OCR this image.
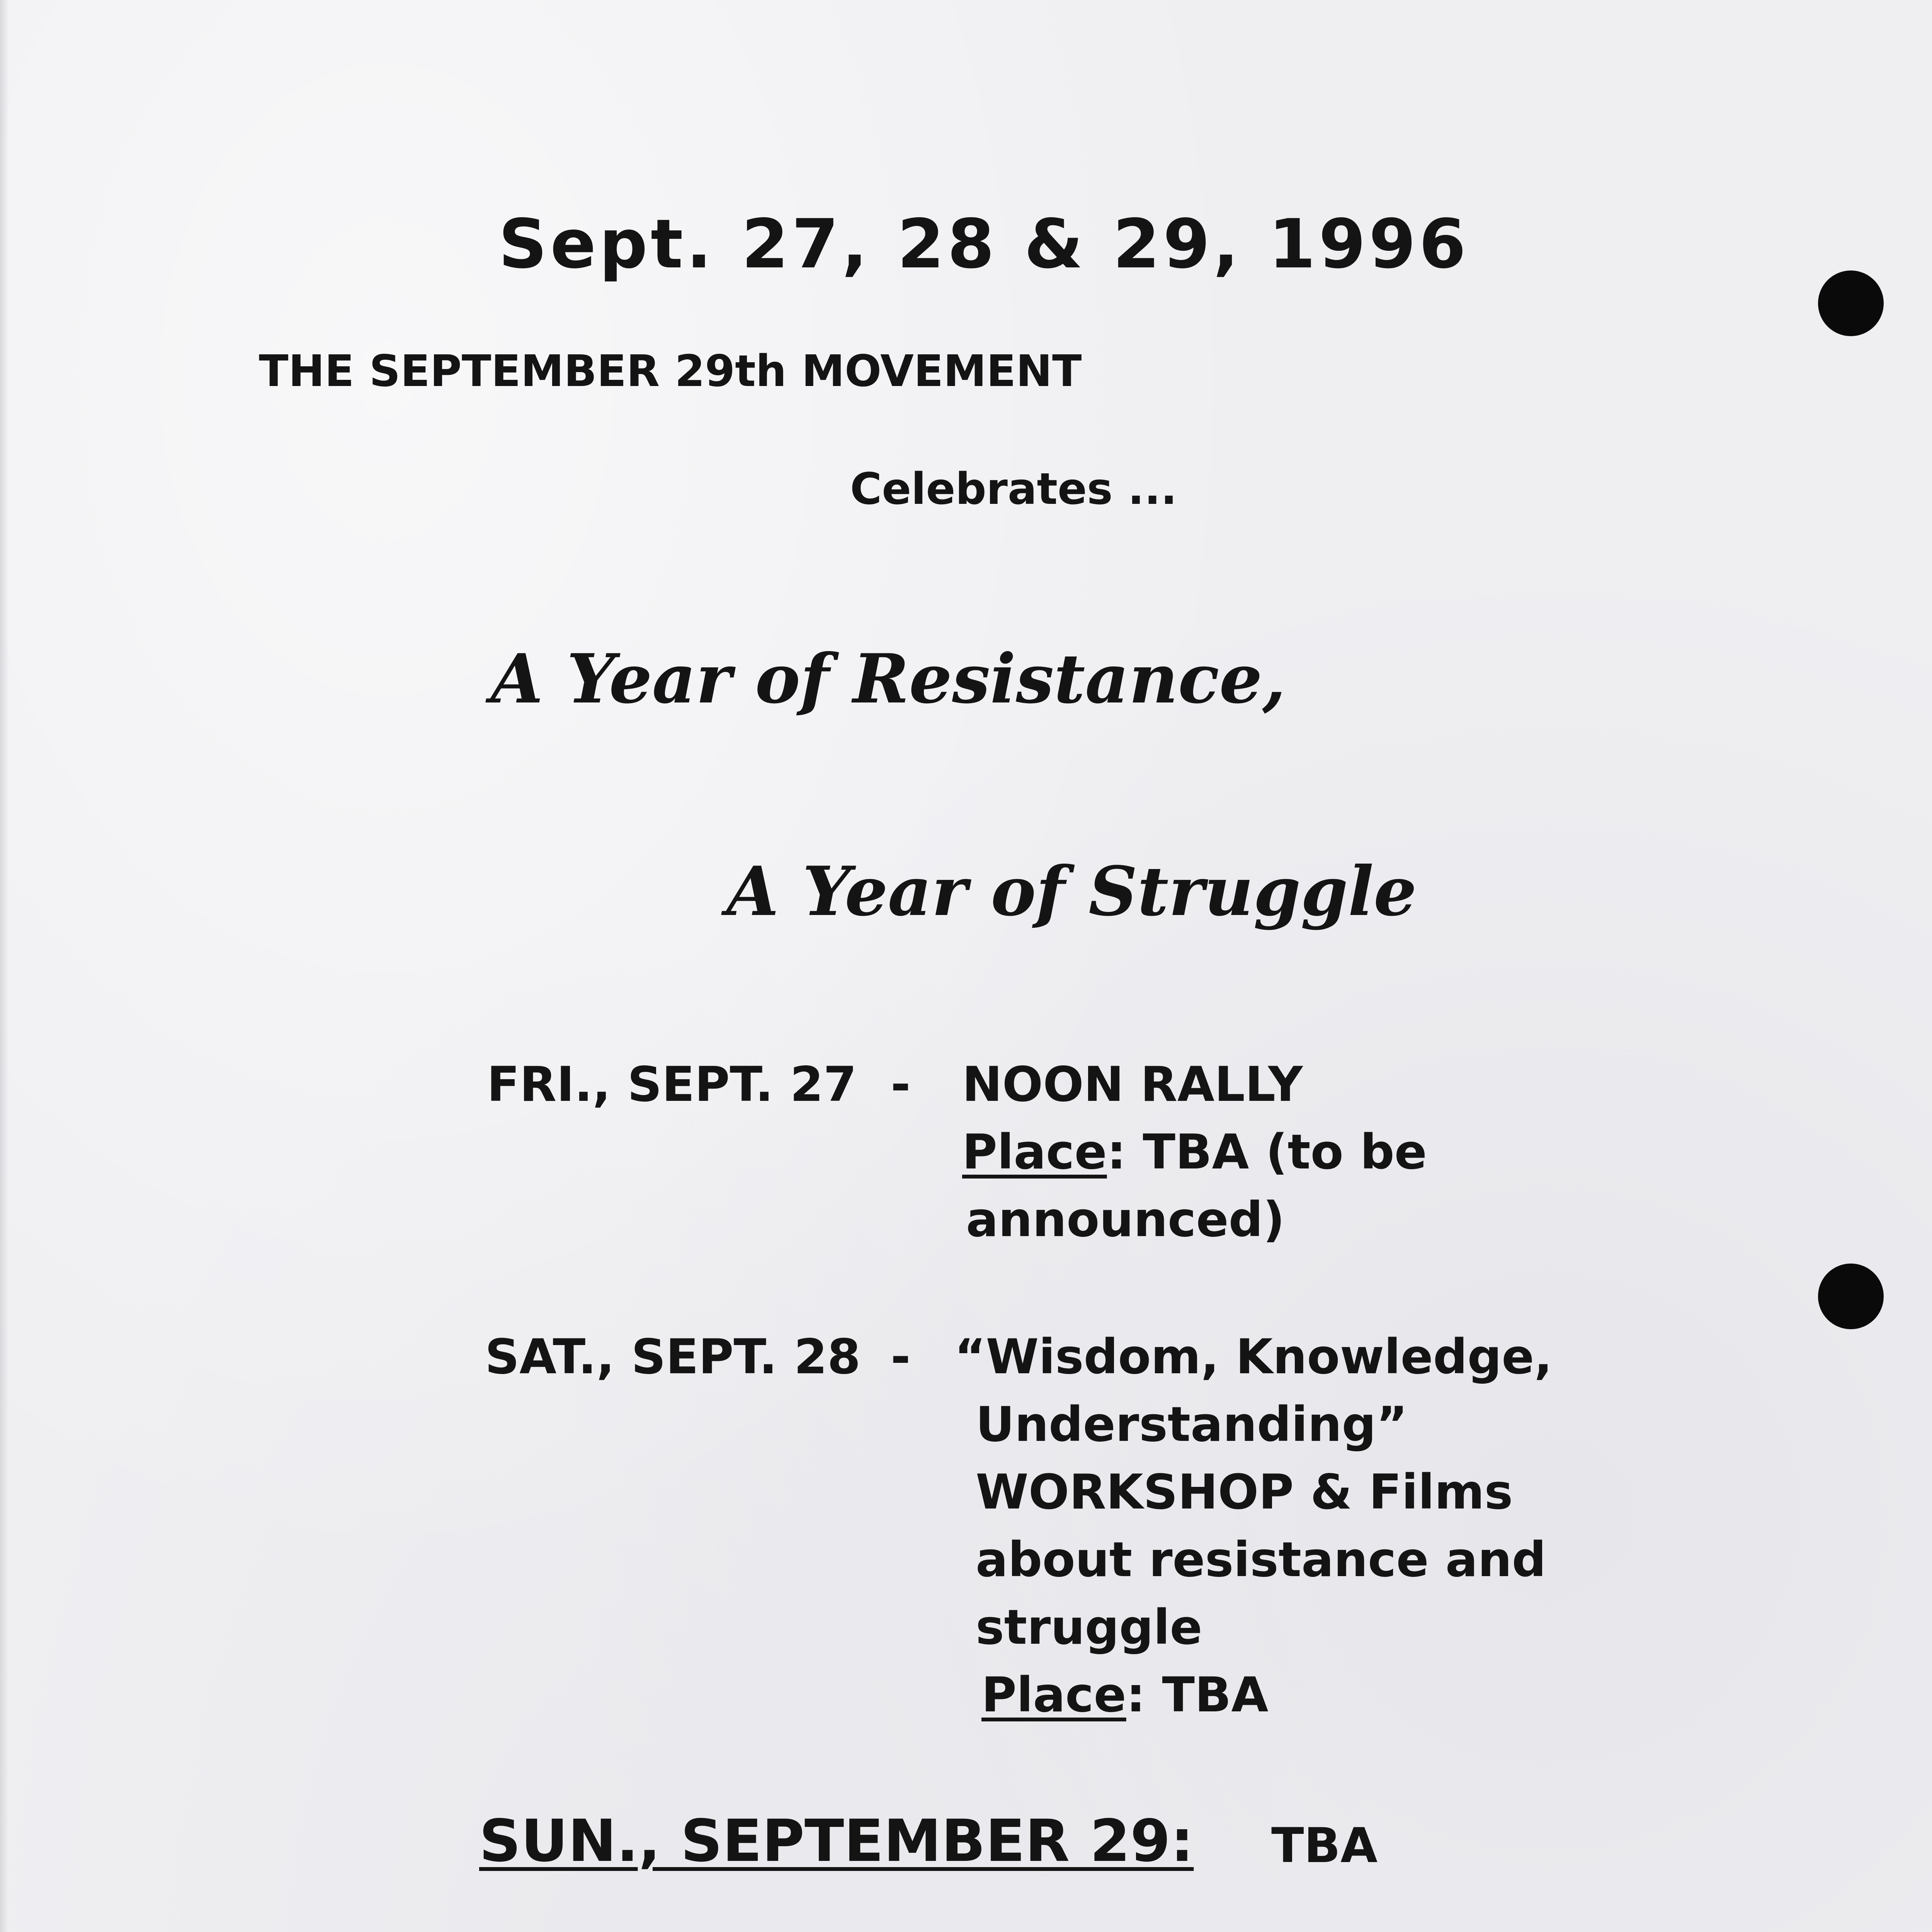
Sept. 27, 28 & 29, 1996
THE SEPTEMBER 29th MOVEMENT
Celebrates ...
A Year of Resistance,
A Year of Struggle
FRI., SEPT. 27 - NOON RALLY
Place: TBA (to be
announced)
SAT., SEPT. 28 - “Wisdom, Knowledge,
Understanding”
WORKSHOP & Films
about resistance and
struggle
Place: TBA
SUN., SEPTEMBER 29: TBA
